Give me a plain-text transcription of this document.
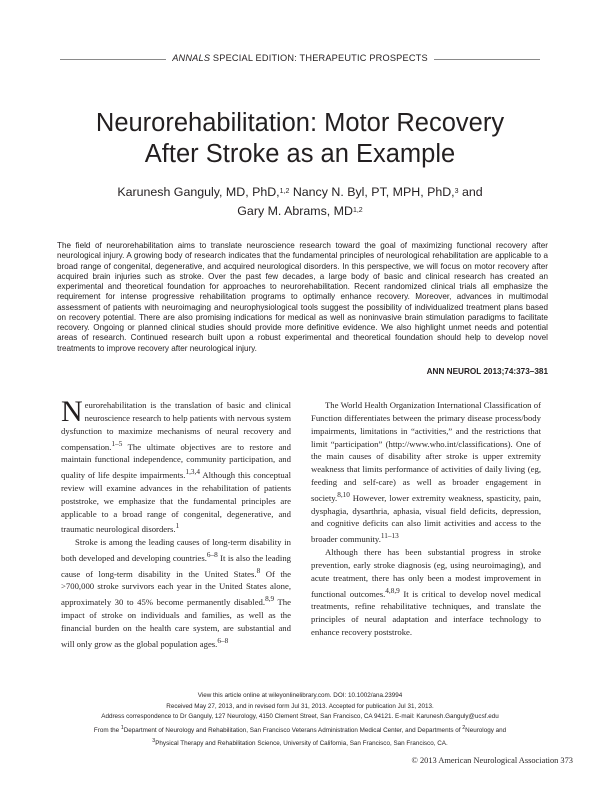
ANNALS SPECIAL EDITION: THERAPEUTIC PROSPECTS
Neurorehabilitation: Motor Recovery
After Stroke as an Example
Karunesh Ganguly, MD, PhD,$^{1,2}$ Nancy N. Byl, PT, MPH, PhD,$^3$ and
Gary M. Abrams, MD$^{1,2}$
The field of neurorehabilitation aims to translate neuroscience research toward the goal of maximizing functional recovery after neurological injury. A growing body of research indicates that the fundamental principles of neurological rehabilitation are applicable to a broad range of congenital, degenerative, and acquired neurological disorders. In this perspective, we will focus on motor recovery after acquired brain injuries such as stroke. Over the past few decades, a large body of basic and clinical research has created an experimental and theoretical foundation for approaches to neurorehabilitation. Recent randomized clinical trials all emphasize the requirement for intense progressive rehabilitation programs to optimally enhance recovery. Moreover, advances in multimodal assessment of patients with neuroimaging and neurophysiological tools suggest the possibility of individualized treatment plans based on recovery potential. There are also promising indications for medical as well as noninvasive brain stimulation paradigms to facilitate recovery. Ongoing or planned clinical studies should provide more definitive evidence. We also highlight unmet needs and potential areas of research. Continued research built upon a robust experimental and theoretical foundation should help to develop novel treatments to improve recovery after neurological injury.
ANN NEUROL 2013;74:373–381

Neurorehabilitation is the translation of basic and clinical neuroscience research to help patients with nervous system dysfunction to maximize mechanisms of neural recovery and compensation.$^{1-5}$ The ultimate objectives are to restore and maintain functional independence, community participation, and quality of life despite impairments.$^{1,3,4}$ Although this conceptual review will examine advances in the rehabilitation of patients poststroke, we emphasize that the fundamental principles are applicable to a broad range of congenital, degenerative, and traumatic neurological disorders.$^1$

Stroke is among the leading causes of long-term disability in both developed and developing countries.$^{6-8}$ It is also the leading cause of long-term disability in the United States.$^8$ Of the >700,000 stroke survivors each year in the United States alone, approximately 30 to 45% become permanently disabled.$^{8,9}$ The impact of stroke on individuals and families, as well as the financial burden on the health care system, are substantial and will only grow as the global population ages.$^{6-8}$

The World Health Organization International Classification of Function differentiates between the primary disease process/body impairments, limitations in “activities,” and the restrictions that limit “participation” (http://www.who.int/classifications). One of the main causes of disability after stroke is upper extremity weakness that limits performance of activities of daily living (eg, feeding and self-care) as well as broader engagement in society.$^{8,10}$ However, lower extremity weakness, spasticity, pain, dysphagia, dysarthria, aphasia, visual field deficits, depression, and cognitive deficits can also limit activities and access to the broader community.$^{11-13}$

Although there has been substantial progress in stroke prevention, early stroke diagnosis (eg, using neuroimaging), and acute treatment, there has only been a modest improvement in functional outcomes.$^{4,8,9}$ It is critical to develop novel medical treatments, refine rehabilitative techniques, and translate the principles of neural adaptation and interface technology to enhance recovery poststroke.

View this article online at wileyonlinelibrary.com. DOI: 10.1002/ana.23994
Received May 27, 2013, and in revised form Jul 31, 2013. Accepted for publication Jul 31, 2013.
Address correspondence to Dr Ganguly, 127 Neurology, 4150 Clement Street, San Francisco, CA 94121. E-mail: Karunesh.Ganguly@ucsf.edu
From the $^1$Department of Neurology and Rehabilitation, San Francisco Veterans Administration Medical Center, and Departments of $^2$Neurology and
$^3$Physical Therapy and Rehabilitation Science, University of California, San Francisco, San Francisco, CA.
© 2013 American Neurological Association 373
